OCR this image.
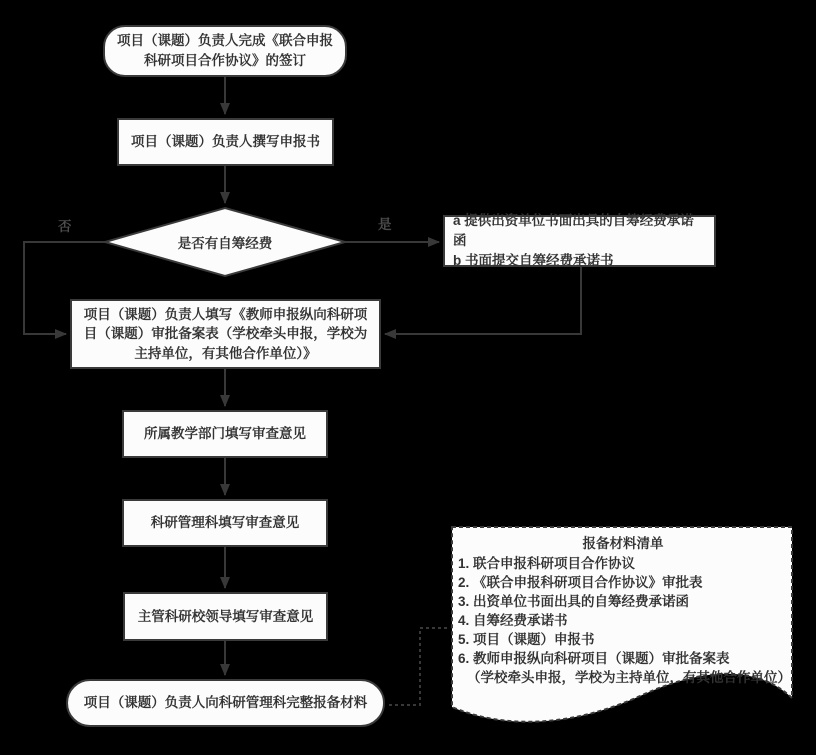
项目（课题）负责人完成《联合申报科研项目合作协议》的签订
项目（课题）负责人撰写申报书
是否有自筹经费
否	是	a 提供出资单位书面出具的自筹经费承诺函
b 书面提交自筹经费承诺书
项目（课题）负责人填写《教师申报纵向科研项目（课题）审批备案表（学校牵头申报，学校为主持单位，有其他合作单位）》
所属教学部门填写审查意见
科研管理科填写审查意见
主管科研校领导填写审查意见
项目（课题）负责人向科研管理科完整报备材料
报备材料清单
1. 联合申报科研项目合作协议
2. 《联合申报科研项目合作协议》审批表
3. 出资单位书面出具的自筹经费承诺函
4. 自筹经费承诺书
5. 项目（课题）申报书
6. 教师申报纵向科研项目（课题）审批备案表
（学校牵头申报，学校为主持单位，有其他合作单位）
